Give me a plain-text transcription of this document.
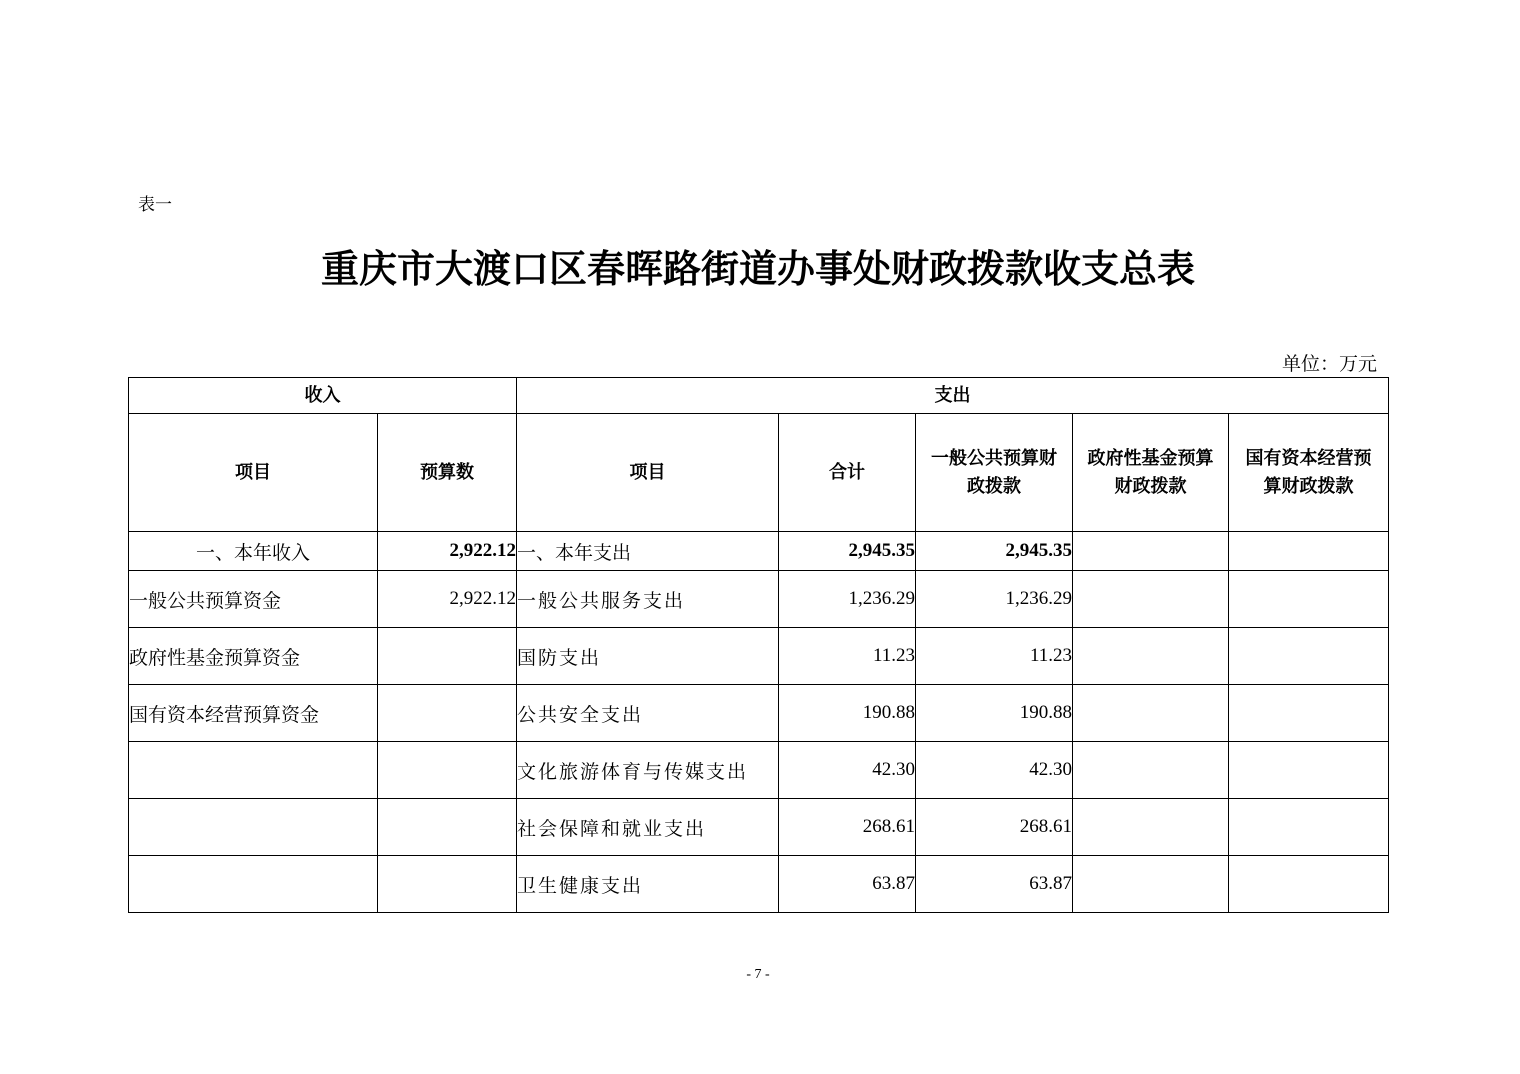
表一
重庆市大渡口区春晖路街道办事处财政拨款收支总表
单位：万元
收入		支出				
项目	预算数	项目	合计	一般公共预算财政拨款	政府性基金预算财政拨款	国有资本经营预算财政拨款
一、本年收入	2,922.12	一、本年支出	2,945.35	2,945.35		
一般公共预算资金	2,922.12	一般公共服务支出	1,236.29	1,236.29		
政府性基金预算资金		国防支出	11.23	11.23		
国有资本经营预算资金		公共安全支出	190.88	190.88		
		文化旅游体育与传媒支出	42.30	42.30		
		社会保障和就业支出	268.61	268.61		
		卫生健康支出	63.87	63.87		
- 7 -
